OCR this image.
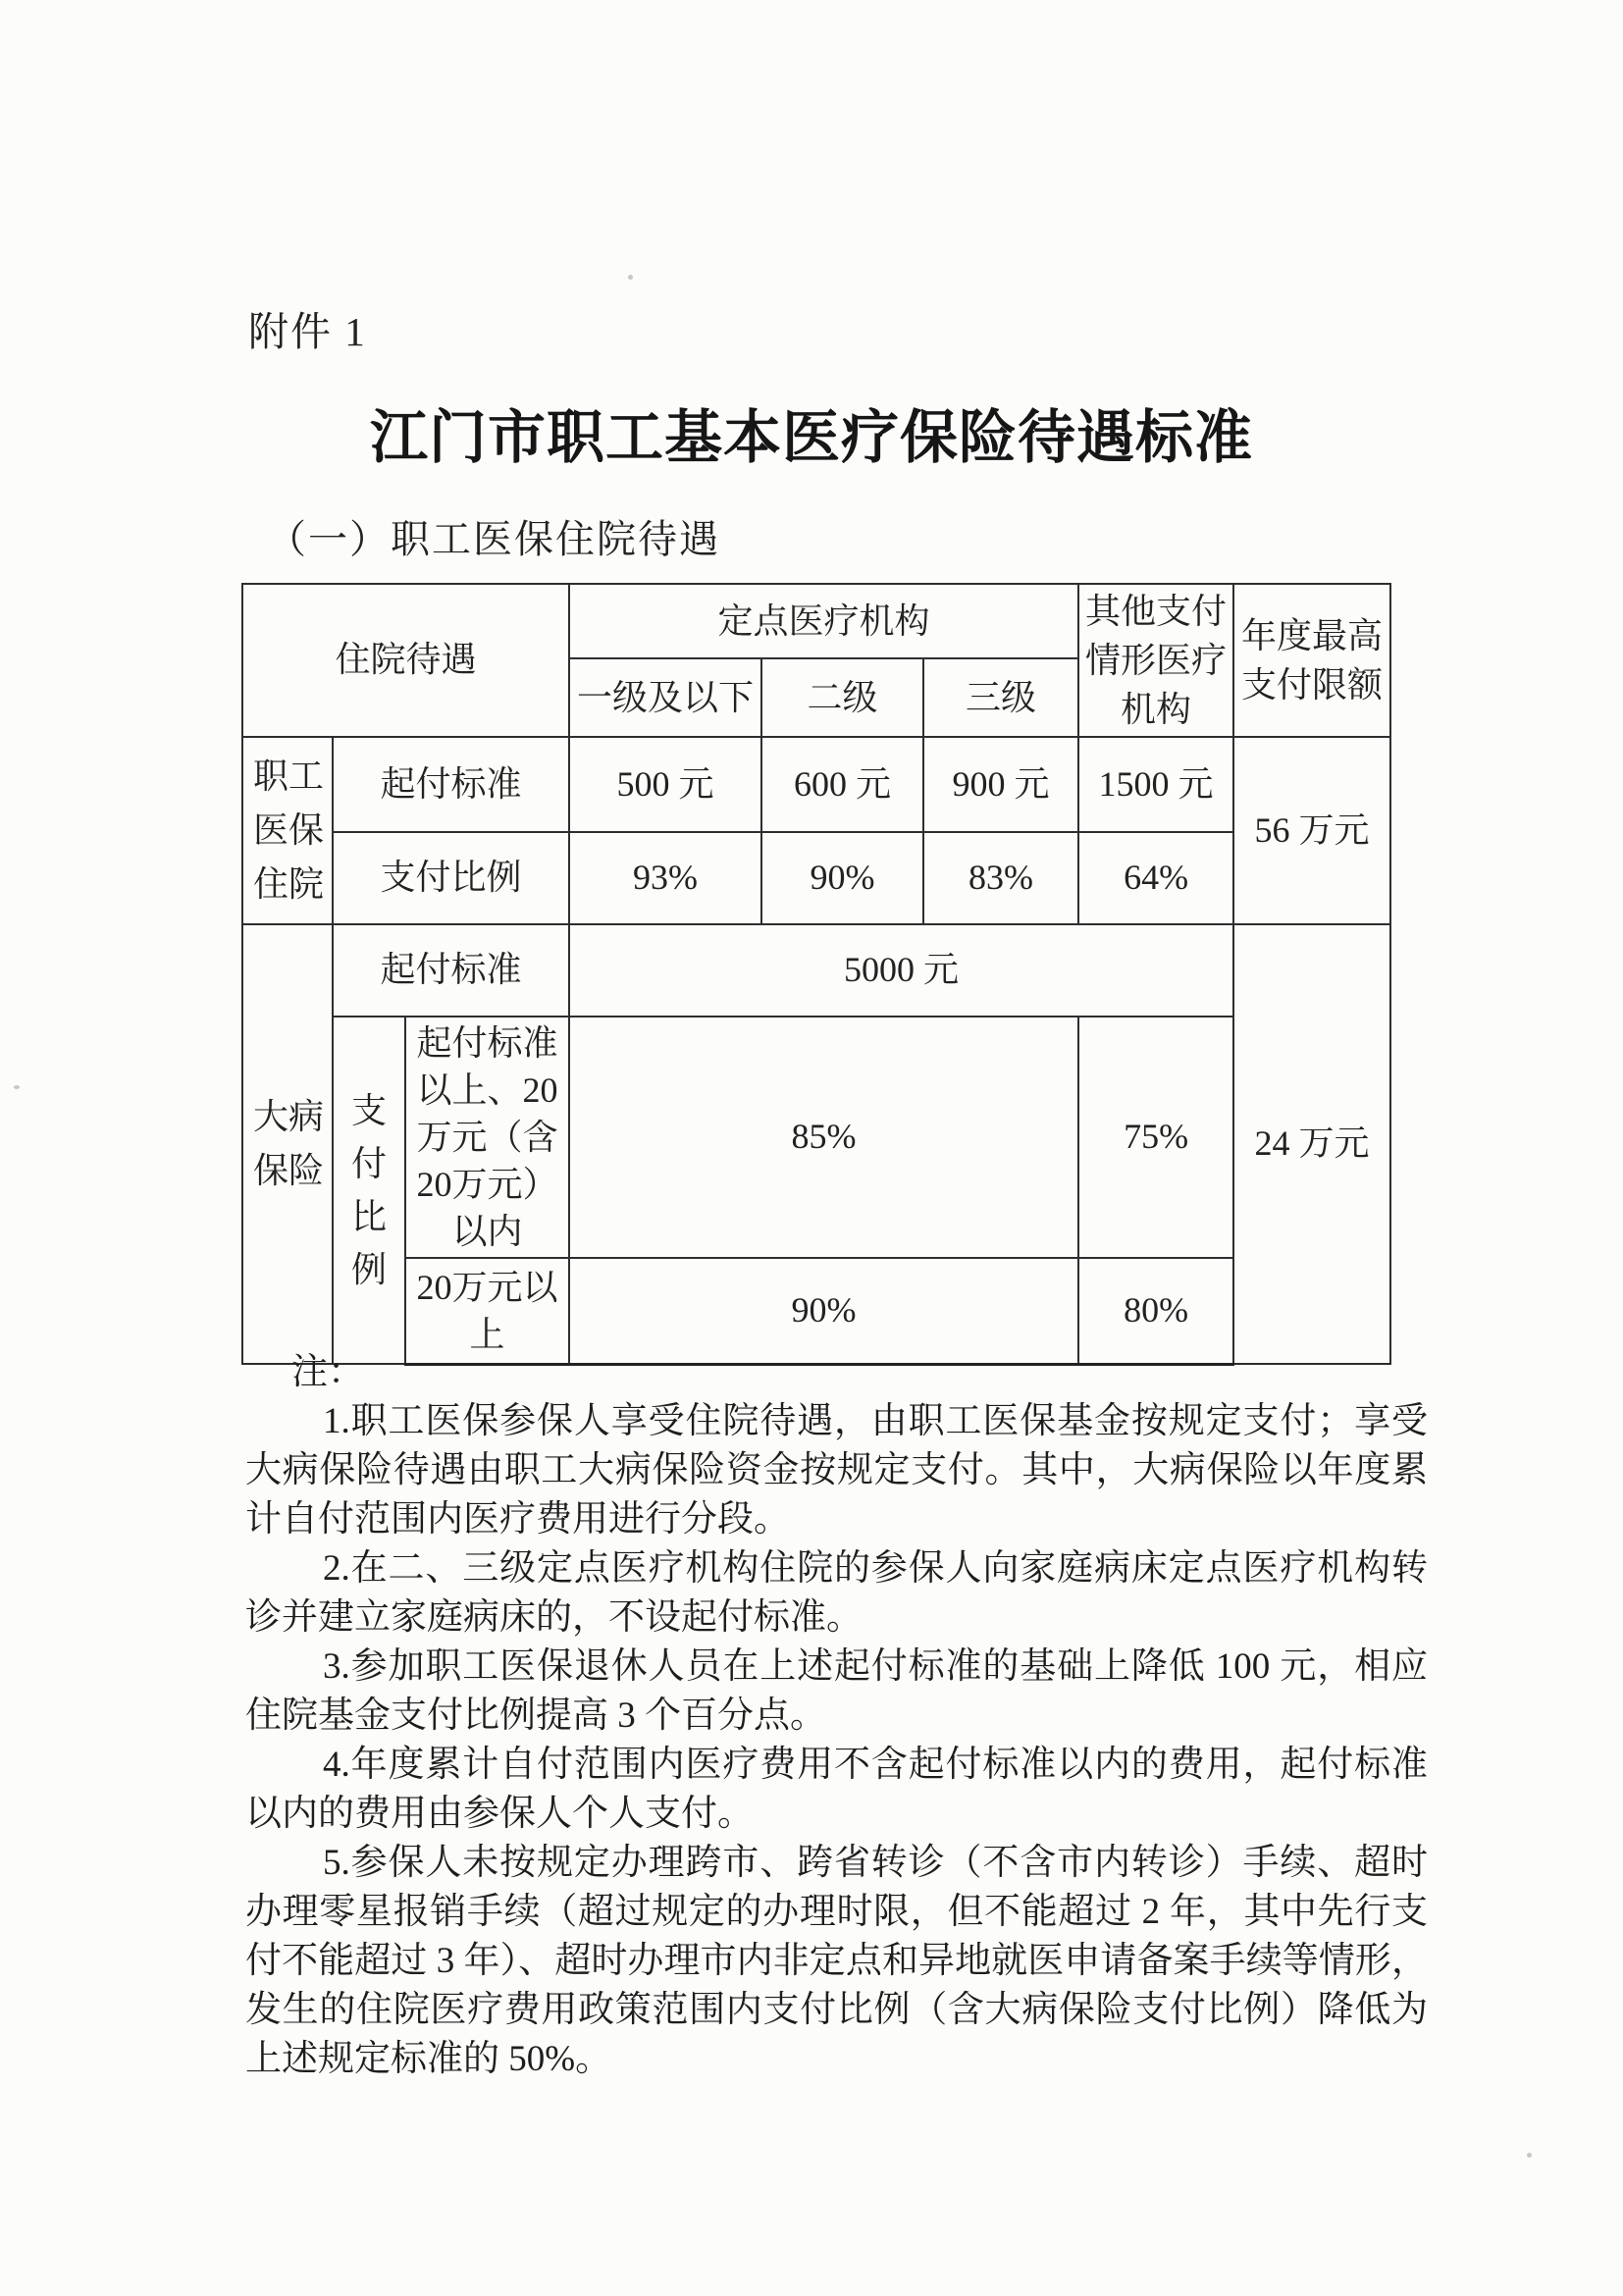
附件 1
江门市职工基本医疗保险待遇标准
（一）职工医保住院待遇
住院待遇			定点医疗机构			其他支付情形医疗机构	年度最高支付限额

			一级及以下	二级	三级		

职工医保住院	起付标准		500 元	600 元	900 元	1500 元	56 万元
	支付比例		93%	90%	83%	64%	

大病保险	起付标准		5000 元				24 万元

	支付比例	起付标准以上、20万元（含20万元）以内	85%			75%	

		20万元以上	90%			80%	

注：

1.职工医保参保人享受住院待遇，由职工医保基金按规定支付；享受大病保险待遇由职工大病保险资金按规定支付。其中，大病保险以年度累计自付范围内医疗费用进行分段。

2.在二、三级定点医疗机构住院的参保人向家庭病床定点医疗机构转诊并建立家庭病床的，不设起付标准。

3.参加职工医保退休人员在上述起付标准的基础上降低 100 元，相应住院基金支付比例提高 3 个百分点。

4.年度累计自付范围内医疗费用不含起付标准以内的费用，起付标准以内的费用由参保人个人支付。

5.参保人未按规定办理跨市、跨省转诊（不含市内转诊）手续、超时办理零星报销手续（超过规定的办理时限，但不能超过 2 年，其中先行支付不能超过 3 年）、超时办理市内非定点和异地就医申请备案手续等情形，发生的住院医疗费用政策范围内支付比例（含大病保险支付比例）降低为上述规定标准的 50%。
